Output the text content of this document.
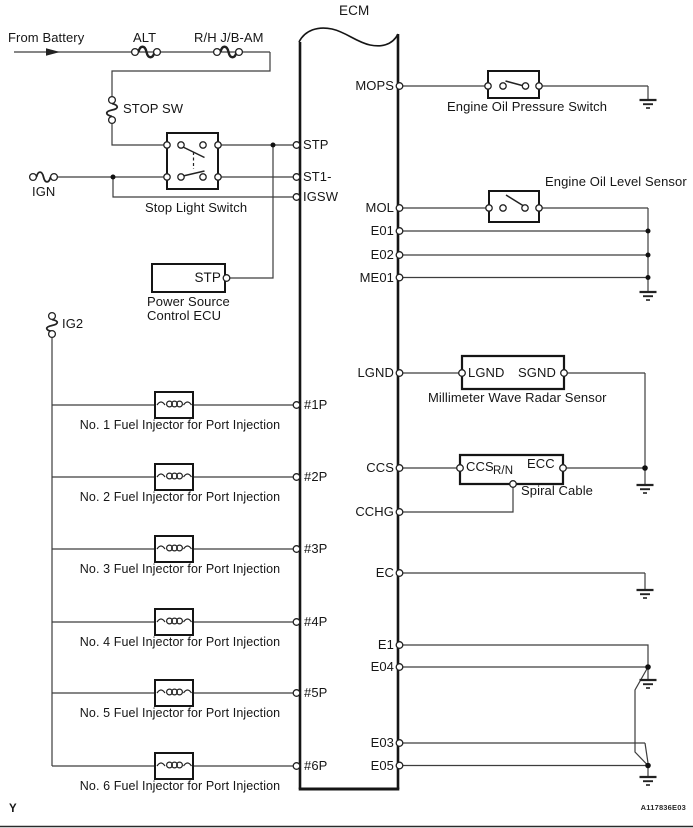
From Battery	ALT	R/H J/B-AM
ECM
STOP SW
IGN
Stop Light Switch
STP
Power Source
Control ECU
IG2
STP
ST1-
IGSW
#1P
#2P
#3P
#4P
#5P
#6P
MOPS
MOL
E01
E02
ME01
LGND
CCS
CCHG
EC
E1
E04
E03
E05
Engine Oil Pressure Switch
Engine Oil Level Sensor
LGND SGND
Millimeter Wave Radar Sensor
CCS R/N ECC
Spiral Cable
No. 1 Fuel Injector for Port Injection
No. 2 Fuel Injector for Port Injection
No. 3 Fuel Injector for Port Injection
No. 4 Fuel Injector for Port Injection
No. 5 Fuel Injector for Port Injection
No. 6 Fuel Injector for Port Injection
Y	A117836E03
